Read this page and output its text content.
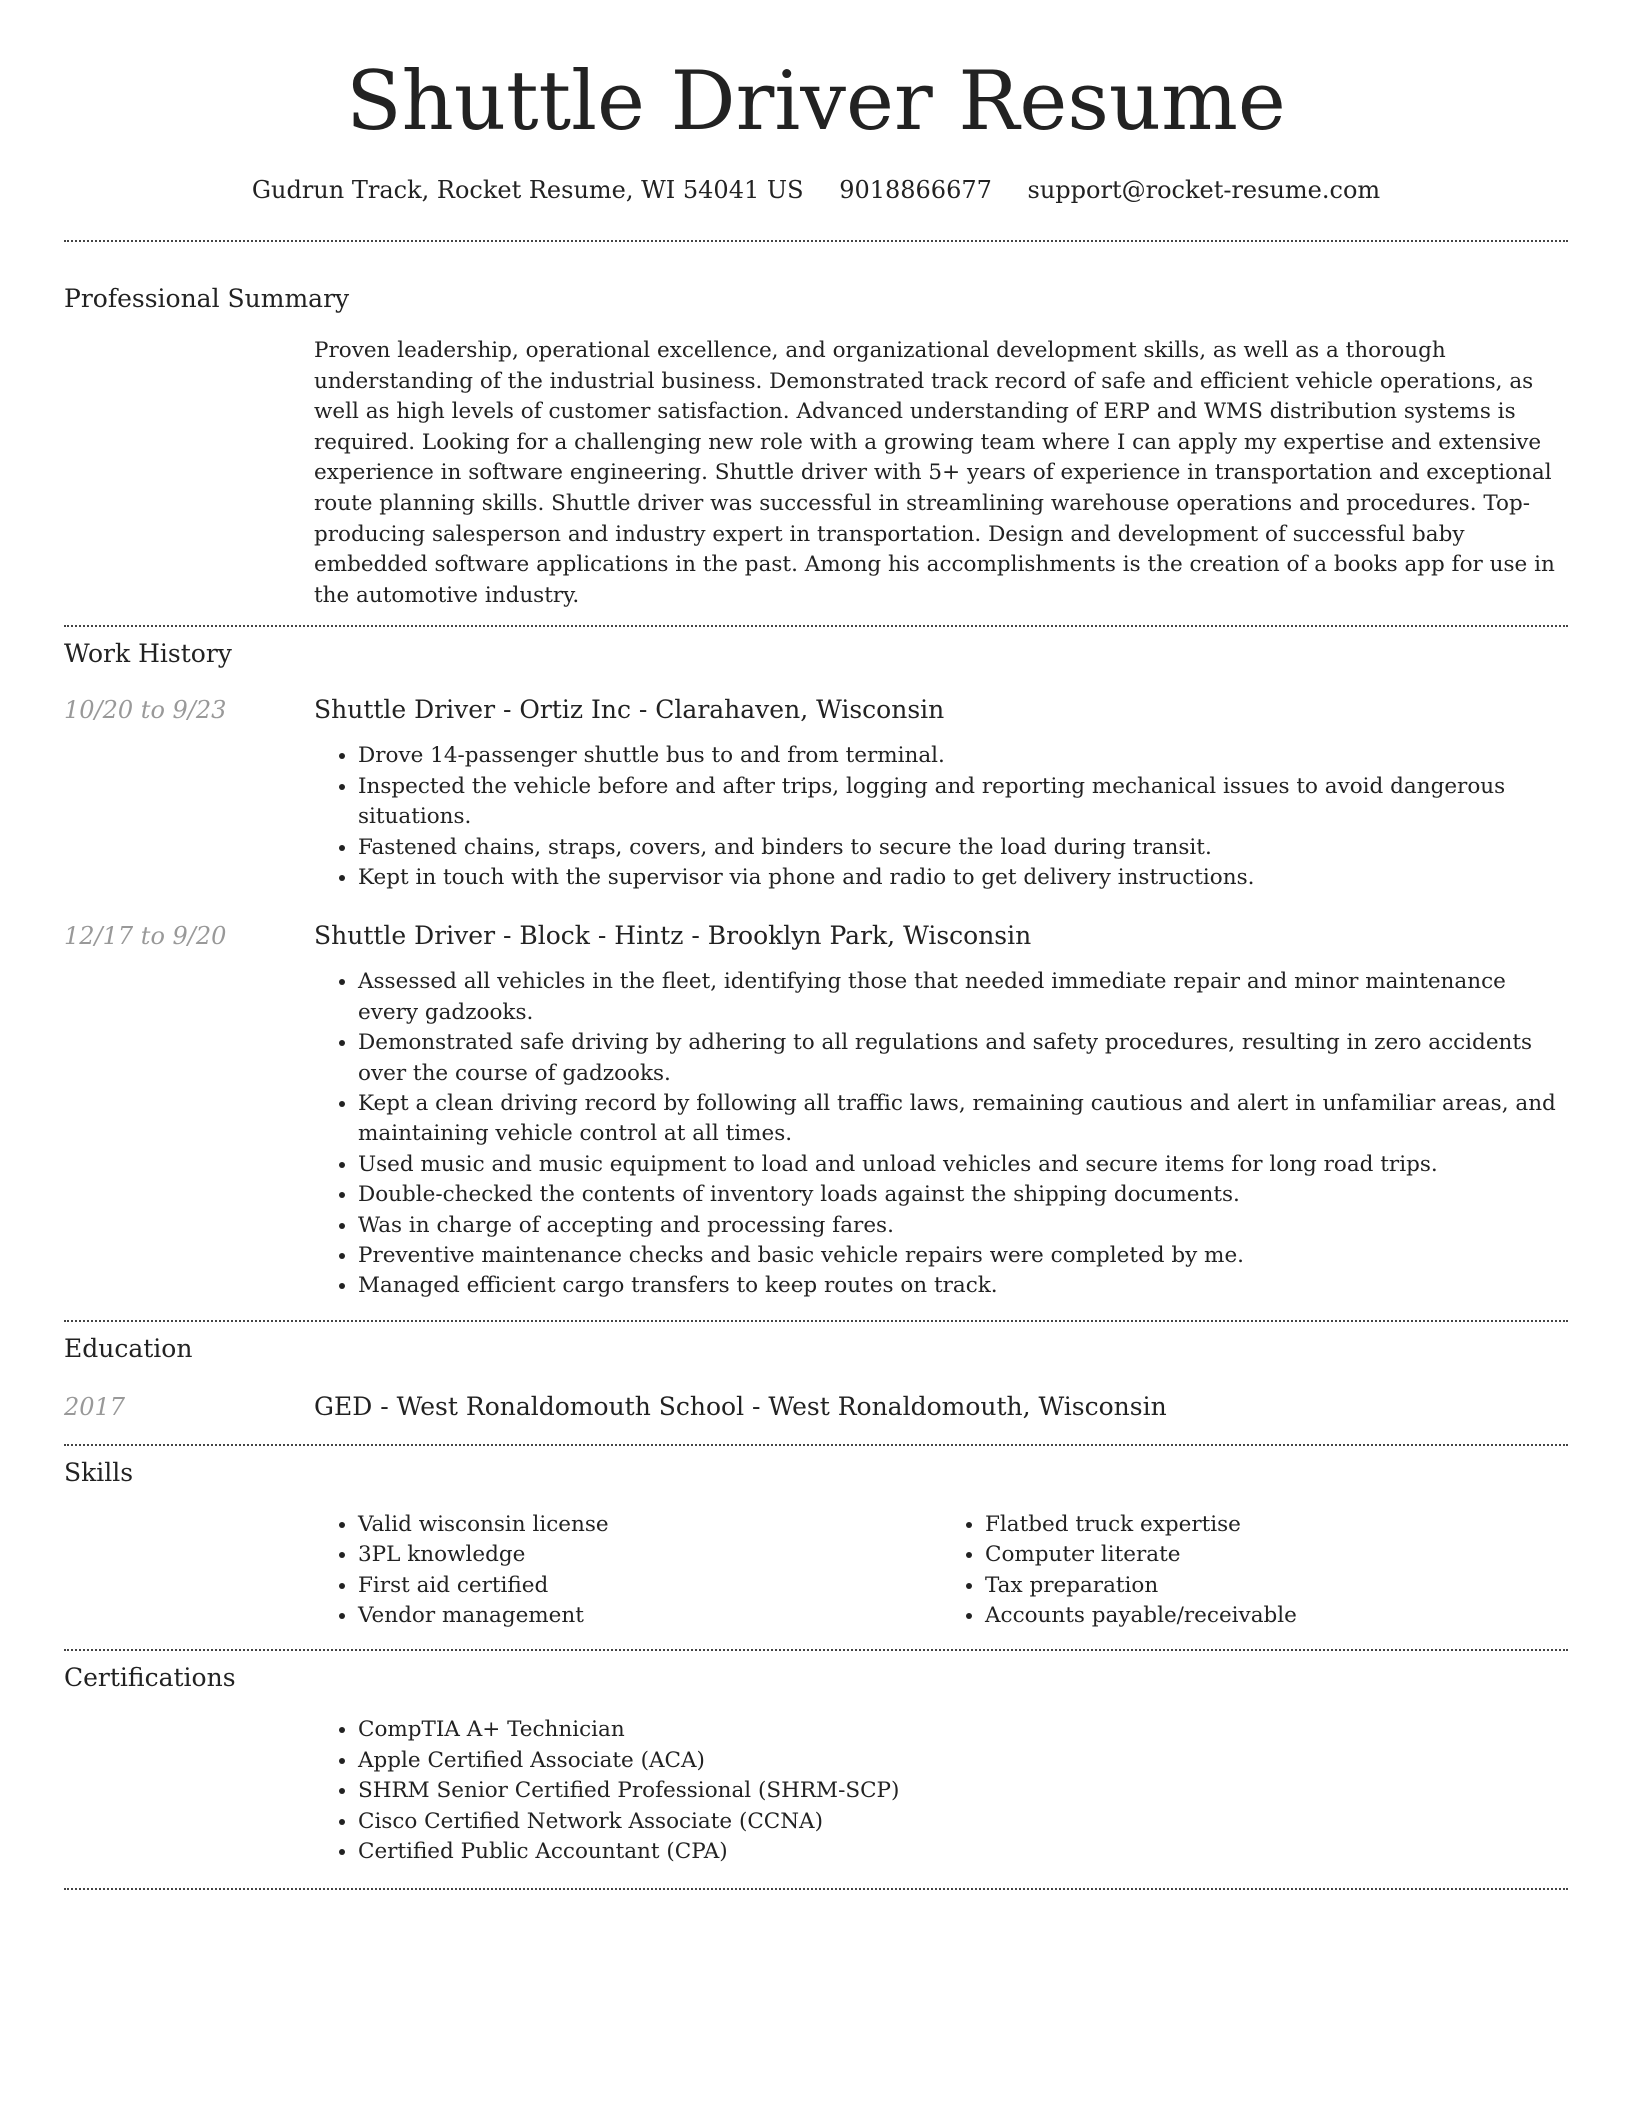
Shuttle Driver Resume
Gudrun Track, Rocket Resume, WI 54041 US 9018866677 support@rocket-resume.com
Professional Summary
Proven leadership, operational excellence, and organizational development skills, as well as a thorough understanding of the industrial business. Demonstrated track record of safe and efficient vehicle operations, as well as high levels of customer satisfaction. Advanced understanding of ERP and WMS distribution systems is required. Looking for a challenging new role with a growing team where I can apply my expertise and extensive experience in software engineering. Shuttle driver with 5+ years of experience in transportation and exceptional route planning skills. Shuttle driver was successful in streamlining warehouse operations and procedures. Top-producing salesperson and industry expert in transportation. Design and development of successful baby embedded software applications in the past. Among his accomplishments is the creation of a books app for use in the automotive industry.
Work History
10/20 to 9/23	Shuttle Driver - Ortiz Inc - Clarahaven, Wisconsin
• Drove 14-passenger shuttle bus to and from terminal.
• Inspected the vehicle before and after trips, logging and reporting mechanical issues to avoid dangerous situations.
• Fastened chains, straps, covers, and binders to secure the load during transit.
• Kept in touch with the supervisor via phone and radio to get delivery instructions.
12/17 to 9/20	Shuttle Driver - Block - Hintz - Brooklyn Park, Wisconsin
• Assessed all vehicles in the fleet, identifying those that needed immediate repair and minor maintenance every gadzooks.
• Demonstrated safe driving by adhering to all regulations and safety procedures, resulting in zero accidents over the course of gadzooks.
• Kept a clean driving record by following all traffic laws, remaining cautious and alert in unfamiliar areas, and maintaining vehicle control at all times.
• Used music and music equipment to load and unload vehicles and secure items for long road trips.
• Double-checked the contents of inventory loads against the shipping documents.
• Was in charge of accepting and processing fares.
• Preventive maintenance checks and basic vehicle repairs were completed by me.
• Managed efficient cargo transfers to keep routes on track.
Education
2017	GED - West Ronaldomouth School - West Ronaldomouth, Wisconsin
Skills
• Valid wisconsin license
• 3PL knowledge
• First aid certified
• Vendor management
• Flatbed truck expertise
• Computer literate
• Tax preparation
• Accounts payable/receivable
Certifications
• CompTIA A+ Technician
• Apple Certified Associate (ACA)
• SHRM Senior Certified Professional (SHRM-SCP)
• Cisco Certified Network Associate (CCNA)
• Certified Public Accountant (CPA)
